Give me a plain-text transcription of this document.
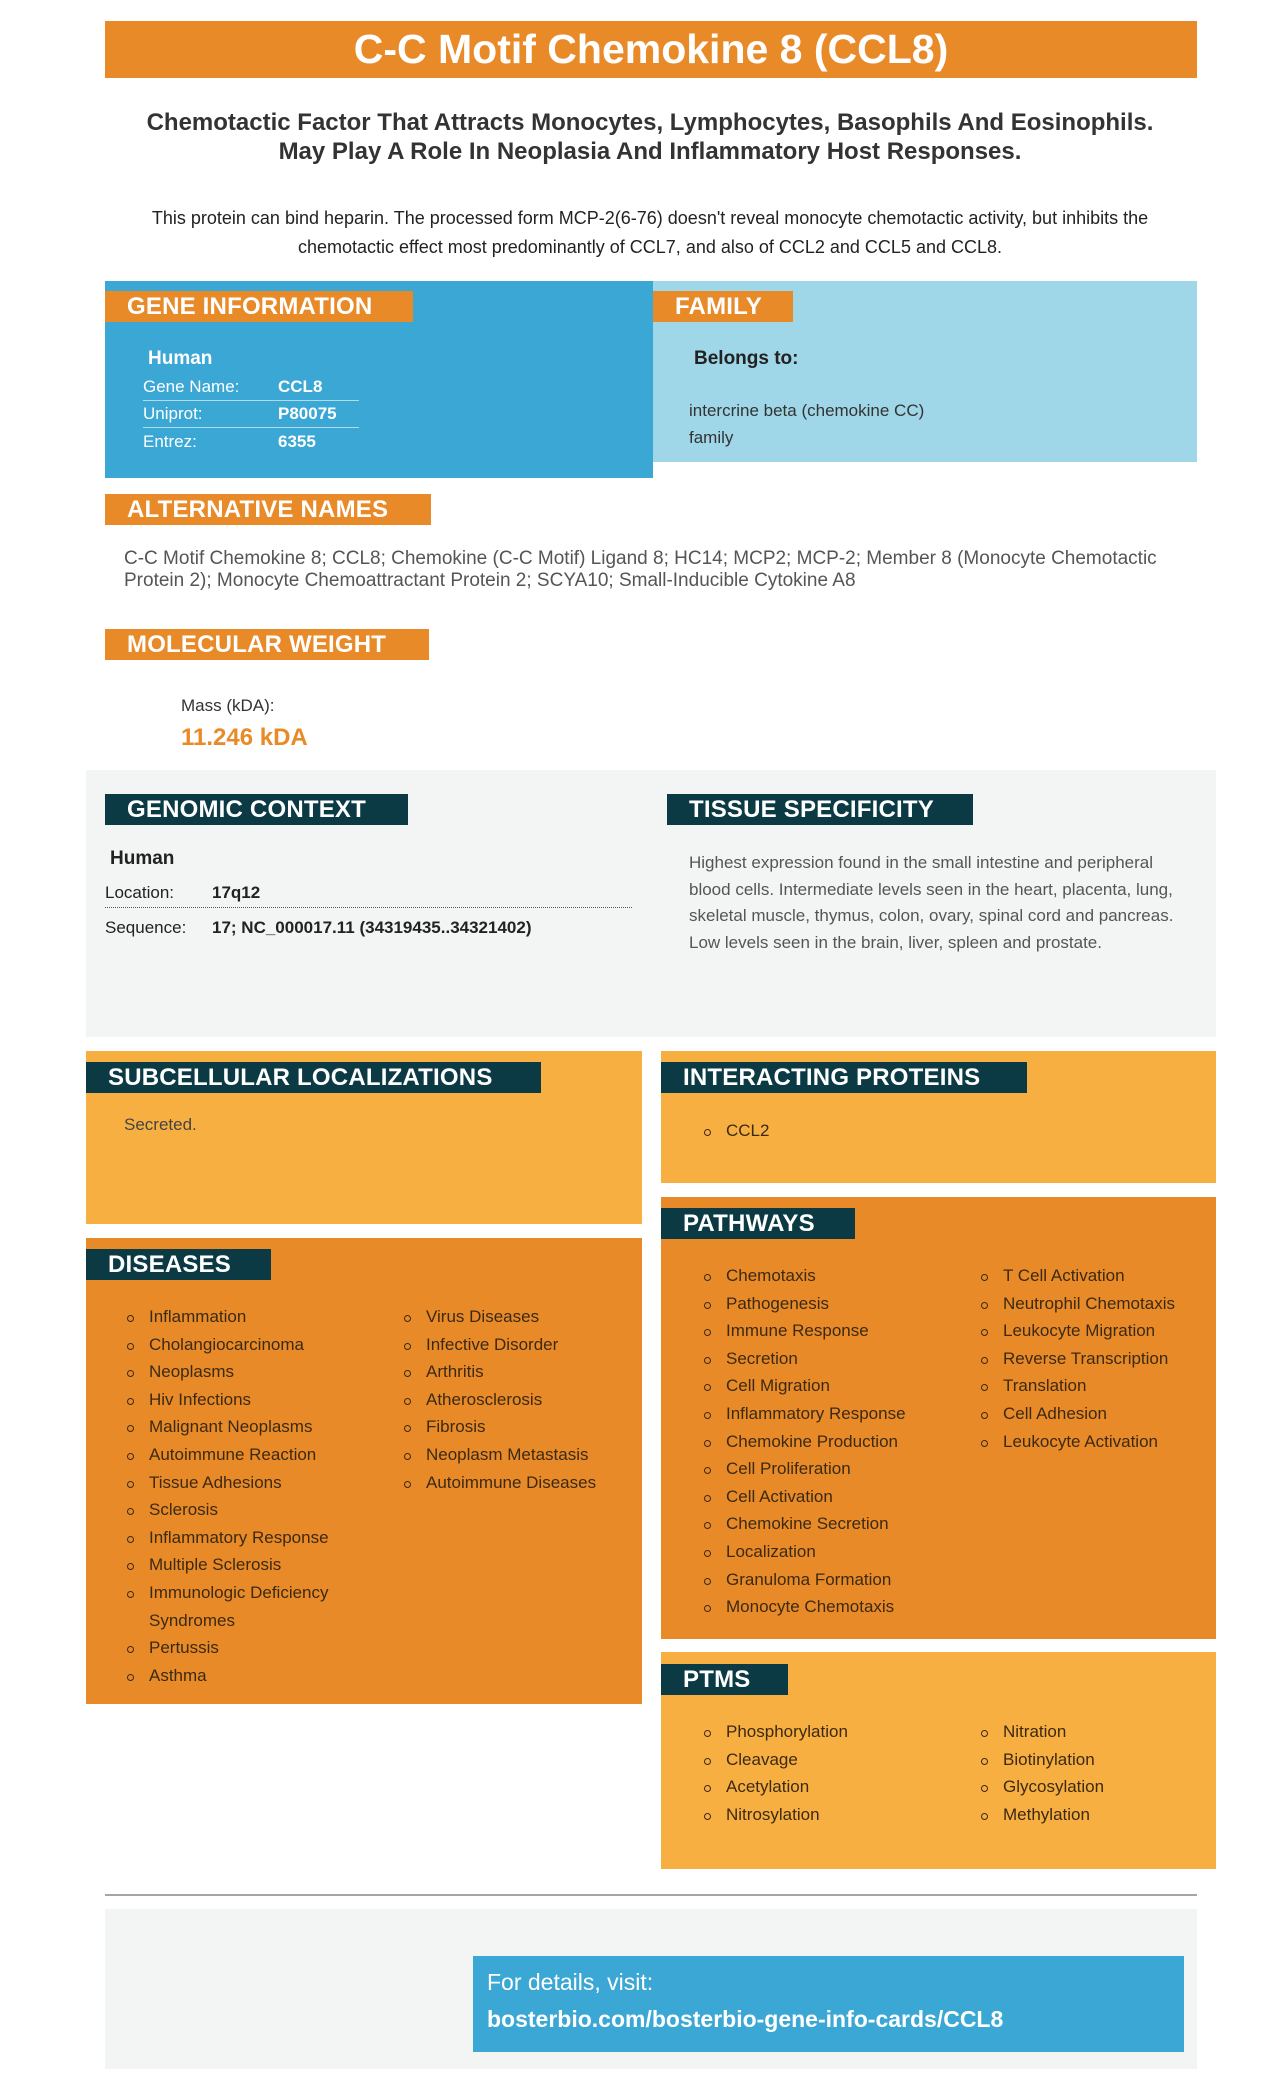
C-C Motif Chemokine 8 (CCL8)
Chemotactic Factor That Attracts Monocytes, Lymphocytes, Basophils And Eosinophils. May Play A Role In Neoplasia And Inflammatory Host Responses.
This protein can bind heparin. The processed form MCP-2(6-76) doesn't reveal monocyte chemotactic activity, but inhibits the chemotactic effect most predominantly of CCL7, and also of CCL2 and CCL5 and CCL8.
GENE INFORMATION
Human
Gene Name: CCL8
Uniprot:	P80075
Entrez:	6355
FAMILY
Belongs to:
intercrine beta (chemokine CC) family
ALTERNATIVE NAMES
C-C Motif Chemokine 8; CCL8; Chemokine (C-C Motif) Ligand 8; HC14; MCP2; MCP-2; Member 8 (Monocyte Chemotactic Protein 2); Monocyte Chemoattractant Protein 2; SCYA10; Small-Inducible Cytokine A8
MOLECULAR WEIGHT
Mass (kDA):
11.246 kDA
GENOMIC CONTEXT
Human
Location: 17q12
Sequence: 17; NC_000017.11 (34319435..34321402)
TISSUE SPECIFICITY
Highest expression found in the small intestine and peripheral blood cells. Intermediate levels seen in the heart, placenta, lung, skeletal muscle, thymus, colon, ovary, spinal cord and pancreas. Low levels seen in the brain, liver, spleen and prostate.
SUBCELLULAR LOCALIZATIONS
Secreted.
INTERACTING PROTEINS
CCL2
DISEASES
Inflammation
Cholangiocarcinoma
Neoplasms
Hiv Infections
Malignant Neoplasms
Autoimmune Reaction
Tissue Adhesions
Sclerosis
Inflammatory Response
Multiple Sclerosis
Immunologic Deficiency Syndromes
Pertussis
Asthma
Virus Diseases
Infective Disorder
Arthritis
Atherosclerosis
Fibrosis
Neoplasm Metastasis
Autoimmune Diseases
PATHWAYS
Chemotaxis
Pathogenesis
Immune Response
Secretion
Cell Migration
Inflammatory Response
Chemokine Production
Cell Proliferation
Cell Activation
Chemokine Secretion
Localization
Granuloma Formation
Monocyte Chemotaxis
T Cell Activation
Neutrophil Chemotaxis
Leukocyte Migration
Reverse Transcription
Translation
Cell Adhesion
Leukocyte Activation
PTMS
Phosphorylation
Cleavage
Acetylation
Nitrosylation
Nitration
Biotinylation
Glycosylation
Methylation
For details, visit:
bosterbio.com/bosterbio-gene-info-cards/CCL8
